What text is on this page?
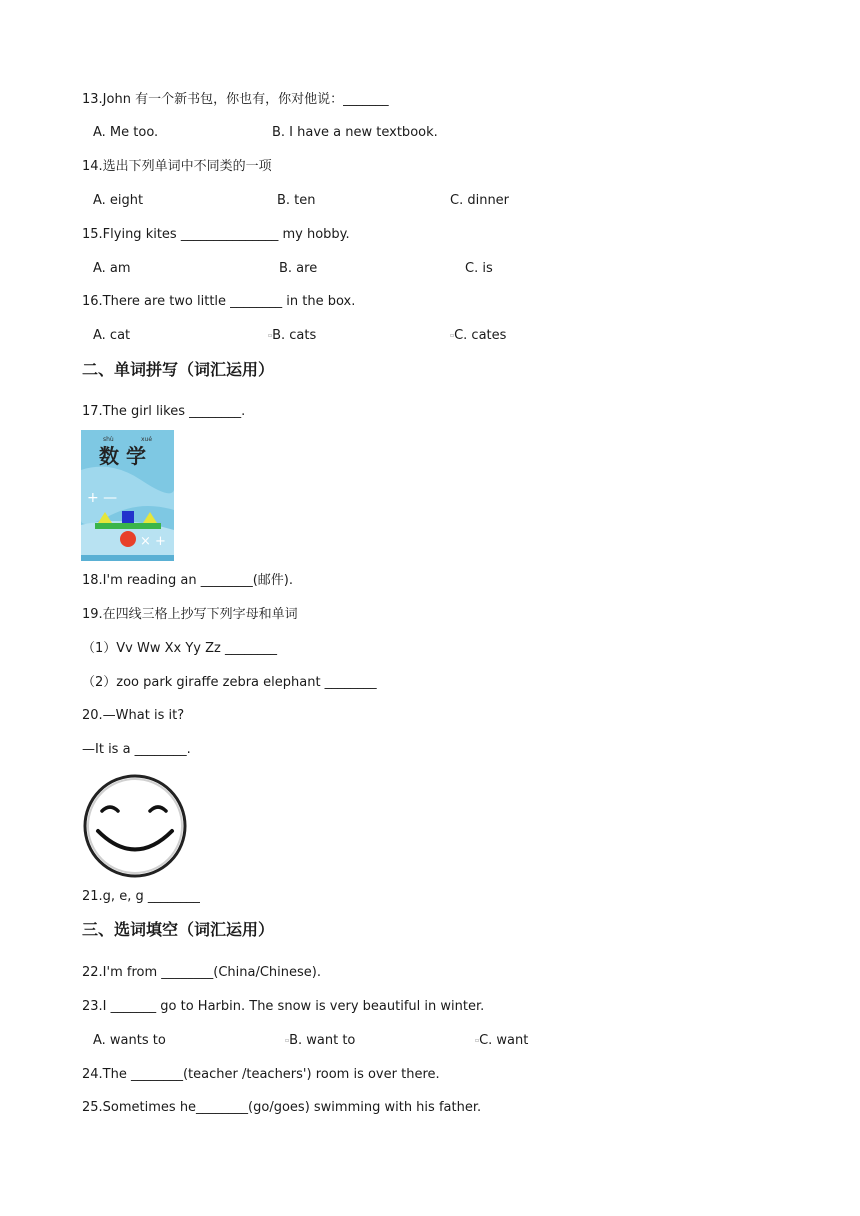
13.John 有一个新书包，你也有，你对他说：_______
A. Me too.	B. I have a new textbook.
14.选出下列单词中不同类的一项
A. eight	B. ten	C. dinner
15.Flying kites _______________ my hobby.
A. am	B. are	C. is
16.There are two little ________ in the box.
A. cat	▫B. cats	▫C. cates
二、单词拼写（词汇运用）
17.The girl likes ________.
shù	xué
数 学
+ —
× +
18.I'm reading an ________(邮件).
19.在四线三格上抄写下列字母和单词
（1）Vv Ww Xx Yy Zz ________
（2）zoo park giraffe zebra elephant ________
20.—What is it?
—It is a ________.
21.g, e, g ________
三、选词填空（词汇运用）
22.I'm from ________(China/Chinese).
23.I _______ go to Harbin. The snow is very beautiful in winter.
A. wants to	▫B. want to	▫C. want
24.The ________(teacher /teachers') room is over there.
25.Sometimes he________(go/goes) swimming with his father.
